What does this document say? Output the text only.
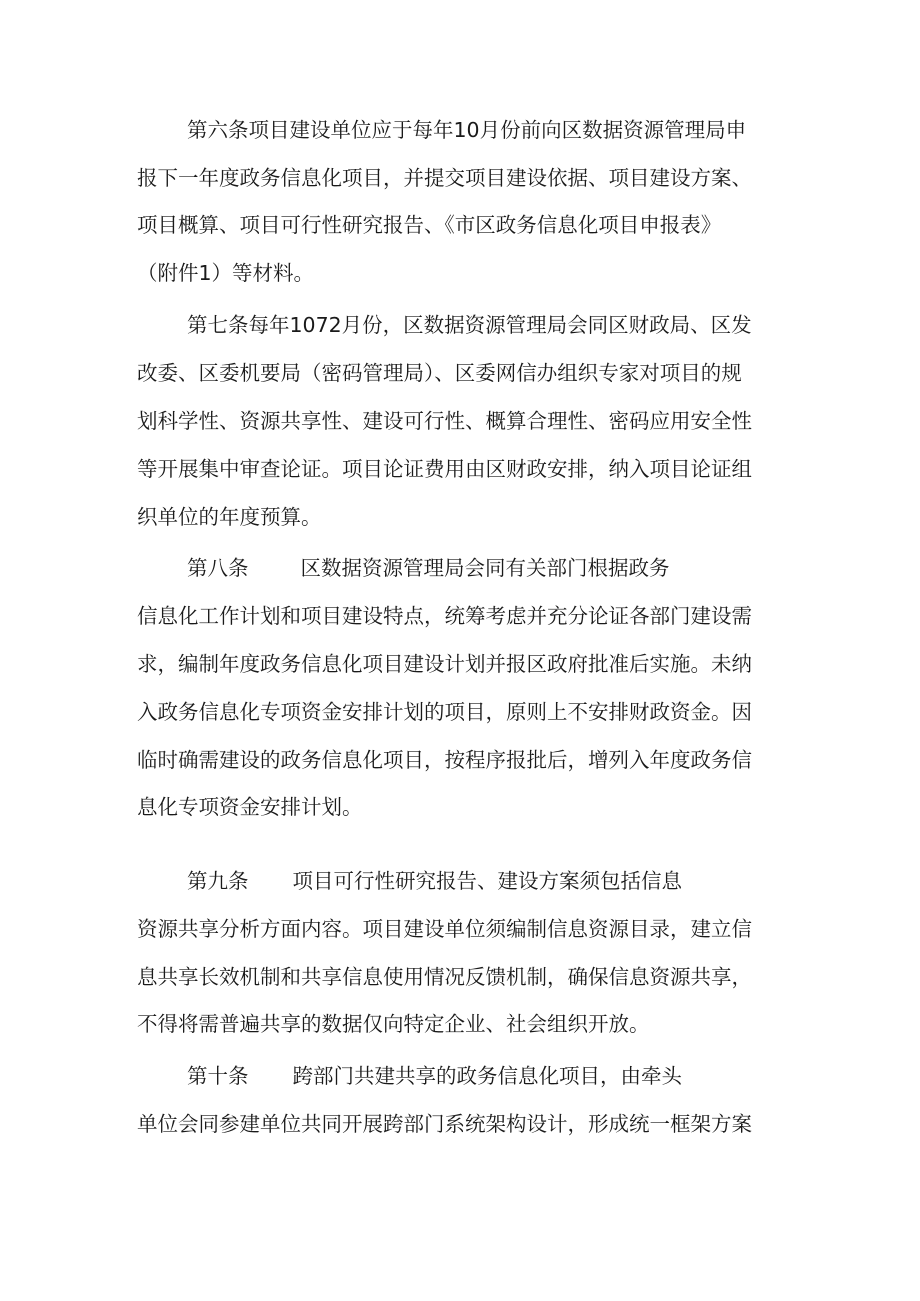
第六条项目建设单位应于每年10月份前向区数据资源管理局申
报下一年度政务信息化项目，并提交项目建设依据、项目建设方案、
项目概算、项目可行性研究报告、《市区政务信息化项目申报表》
（附件1）等材料。
第七条每年1072月份，区数据资源管理局会同区财政局、区发
改委、区委机要局（密码管理局）、区委网信办组织专家对项目的规
划科学性、资源共享性、建设可行性、概算合理性、密码应用安全性
等开展集中审查论证。项目论证费用由区财政安排，纳入项目论证组
织单位的年度预算。
第八条	区数据资源管理局会同有关部门根据政务
信息化工作计划和项目建设特点，统筹考虑并充分论证各部门建设需
求，编制年度政务信息化项目建设计划并报区政府批准后实施。未纳
入政务信息化专项资金安排计划的项目，原则上不安排财政资金。因
临时确需建设的政务信息化项目，按程序报批后，增列入年度政务信
息化专项资金安排计划。
第九条 项目可行性研究报告、建设方案须包括信息
资源共享分析方面内容。项目建设单位须编制信息资源目录，建立信
息共享长效机制和共享信息使用情况反馈机制，确保信息资源共享，
不得将需普遍共享的数据仅向特定企业、社会组织开放。
第十条 跨部门共建共享的政务信息化项目，由牵头
单位会同参建单位共同开展跨部门系统架构设计，形成统一框架方案
